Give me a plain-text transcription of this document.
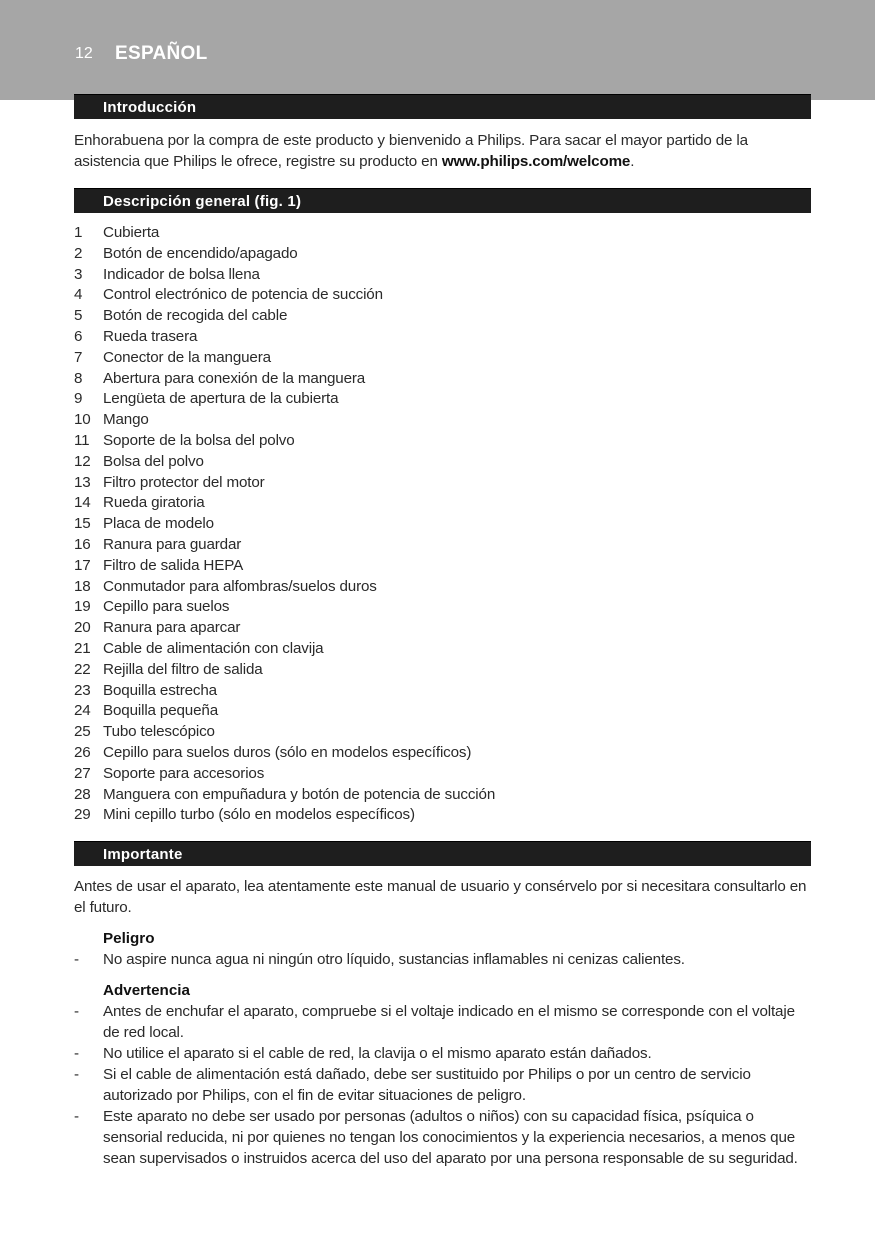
12 ESPAÑOL
Introducción

Enhorabuena por la compra de este producto y bienvenido a Philips. Para sacar el mayor partido de la asistencia que Philips le ofrece, registre su producto en www.philips.com/welcome.

Descripción general (fig. 1)
1	Cubierta
2	Botón de encendido/apagado
3	Indicador de bolsa llena
4	Control electrónico de potencia de succión
5	Botón de recogida del cable
6	Rueda trasera
7	Conector de la manguera
8	Abertura para conexión de la manguera
9	Lengüeta de apertura de la cubierta
10 Mango
11 Soporte de la bolsa del polvo
12 Bolsa del polvo
13 Filtro protector del motor
14 Rueda giratoria
15 Placa de modelo
16 Ranura para guardar
17 Filtro de salida HEPA
18 Conmutador para alfombras/suelos duros
19 Cepillo para suelos
20 Ranura para aparcar
21 Cable de alimentación con clavija
22 Rejilla del filtro de salida
23 Boquilla estrecha
24 Boquilla pequeña
25 Tubo telescópico
26 Cepillo para suelos duros (sólo en modelos específicos)
27 Soporte para accesorios
28 Manguera con empuñadura y botón de potencia de succión
29 Mini cepillo turbo (sólo en modelos específicos)
Importante

Antes de usar el aparato, lea atentamente este manual de usuario y consérvelo por si necesitara consultarlo en el futuro.

Peligro
-	No aspire nunca agua ni ningún otro líquido, sustancias inflamables ni cenizas calientes.
Advertencia
-	Antes de enchufar el aparato, compruebe si el voltaje indicado en el mismo se corresponde con el voltaje de red local.
-	No utilice el aparato si el cable de red, la clavija o el mismo aparato están dañados.
-	Si el cable de alimentación está dañado, debe ser sustituido por Philips o por un centro de servicio autorizado por Philips, con el fin de evitar situaciones de peligro.
-	Este aparato no debe ser usado por personas (adultos o niños) con su capacidad física, psíquica o sensorial reducida, ni por quienes no tengan los conocimientos y la experiencia necesarios, a menos que sean supervisados o instruidos acerca del uso del aparato por una persona responsable de su seguridad.
